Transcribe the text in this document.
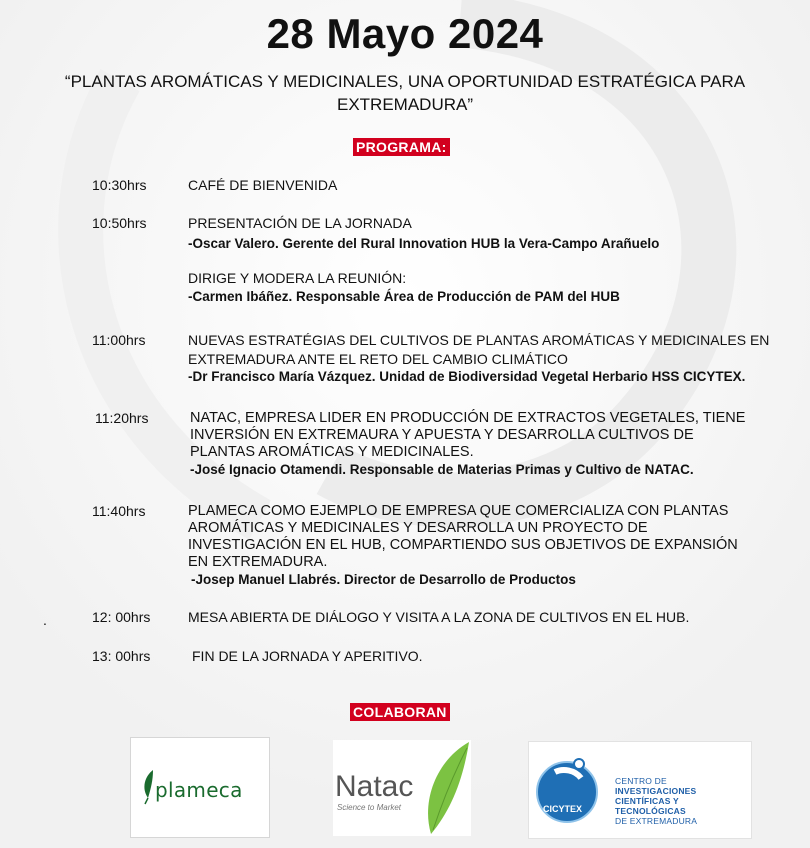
28 Mayo 2024
“PLANTAS AROMÁTICAS Y MEDICINALES, UNA OPORTUNIDAD ESTRATÉGICA PARA
EXTREMADURA”
PROGRAMA:
10:30hrs	CAFÉ DE BIENVENIDA
10:50hrs	PRESENTACIÓN DE LA JORNADA
-Oscar Valero. Gerente del Rural Innovation HUB la Vera-Campo Arañuelo
DIRIGE Y MODERA LA REUNIÓN:
-Carmen Ibáñez. Responsable Área de Producción de PAM del HUB
11:00hrs	NUEVAS ESTRATÉGIAS DEL CULTIVOS DE PLANTAS AROMÁTICAS Y MEDICINALES EN
EXTREMADURA ANTE EL RETO DEL CAMBIO CLIMÁTICO
-Dr Francisco María Vázquez. Unidad de Biodiversidad Vegetal Herbario HSS CICYTEX.
11:20hrs	NATAC, EMPRESA LIDER EN PRODUCCIÓN DE EXTRACTOS VEGETALES, TIENE
INVERSIÓN EN EXTREMAURA Y APUESTA Y DESARROLLA CULTIVOS DE
PLANTAS AROMÁTICAS Y MEDICINALES.
-José Ignacio Otamendi. Responsable de Materias Primas y Cultivo de NATAC.
11:40hrs	PLAMECA COMO EJEMPLO DE EMPRESA QUE COMERCIALIZA CON PLANTAS
AROMÁTICAS Y MEDICINALES Y DESARROLLA UN PROYECTO DE
INVESTIGACIÓN EN EL HUB, COMPARTIENDO SUS OBJETIVOS DE EXPANSIÓN
EN EXTREMADURA.
-Josep Manuel Llabrés. Director de Desarrollo de Productos
.	12: 00hrs	MESA ABIERTA DE DIÁLOGO Y VISITA A LA ZONA DE CULTIVOS EN EL HUB.
13: 00hrs	FIN DE LA JORNADA Y APERITIVO.
COLABORAN
plameca	Natac
Science to Market	CICYTEX
CENTRO DE INVESTIGACIONES
CIENTÍFICAS Y TECNOLÓGICAS
DE EXTREMADURA
